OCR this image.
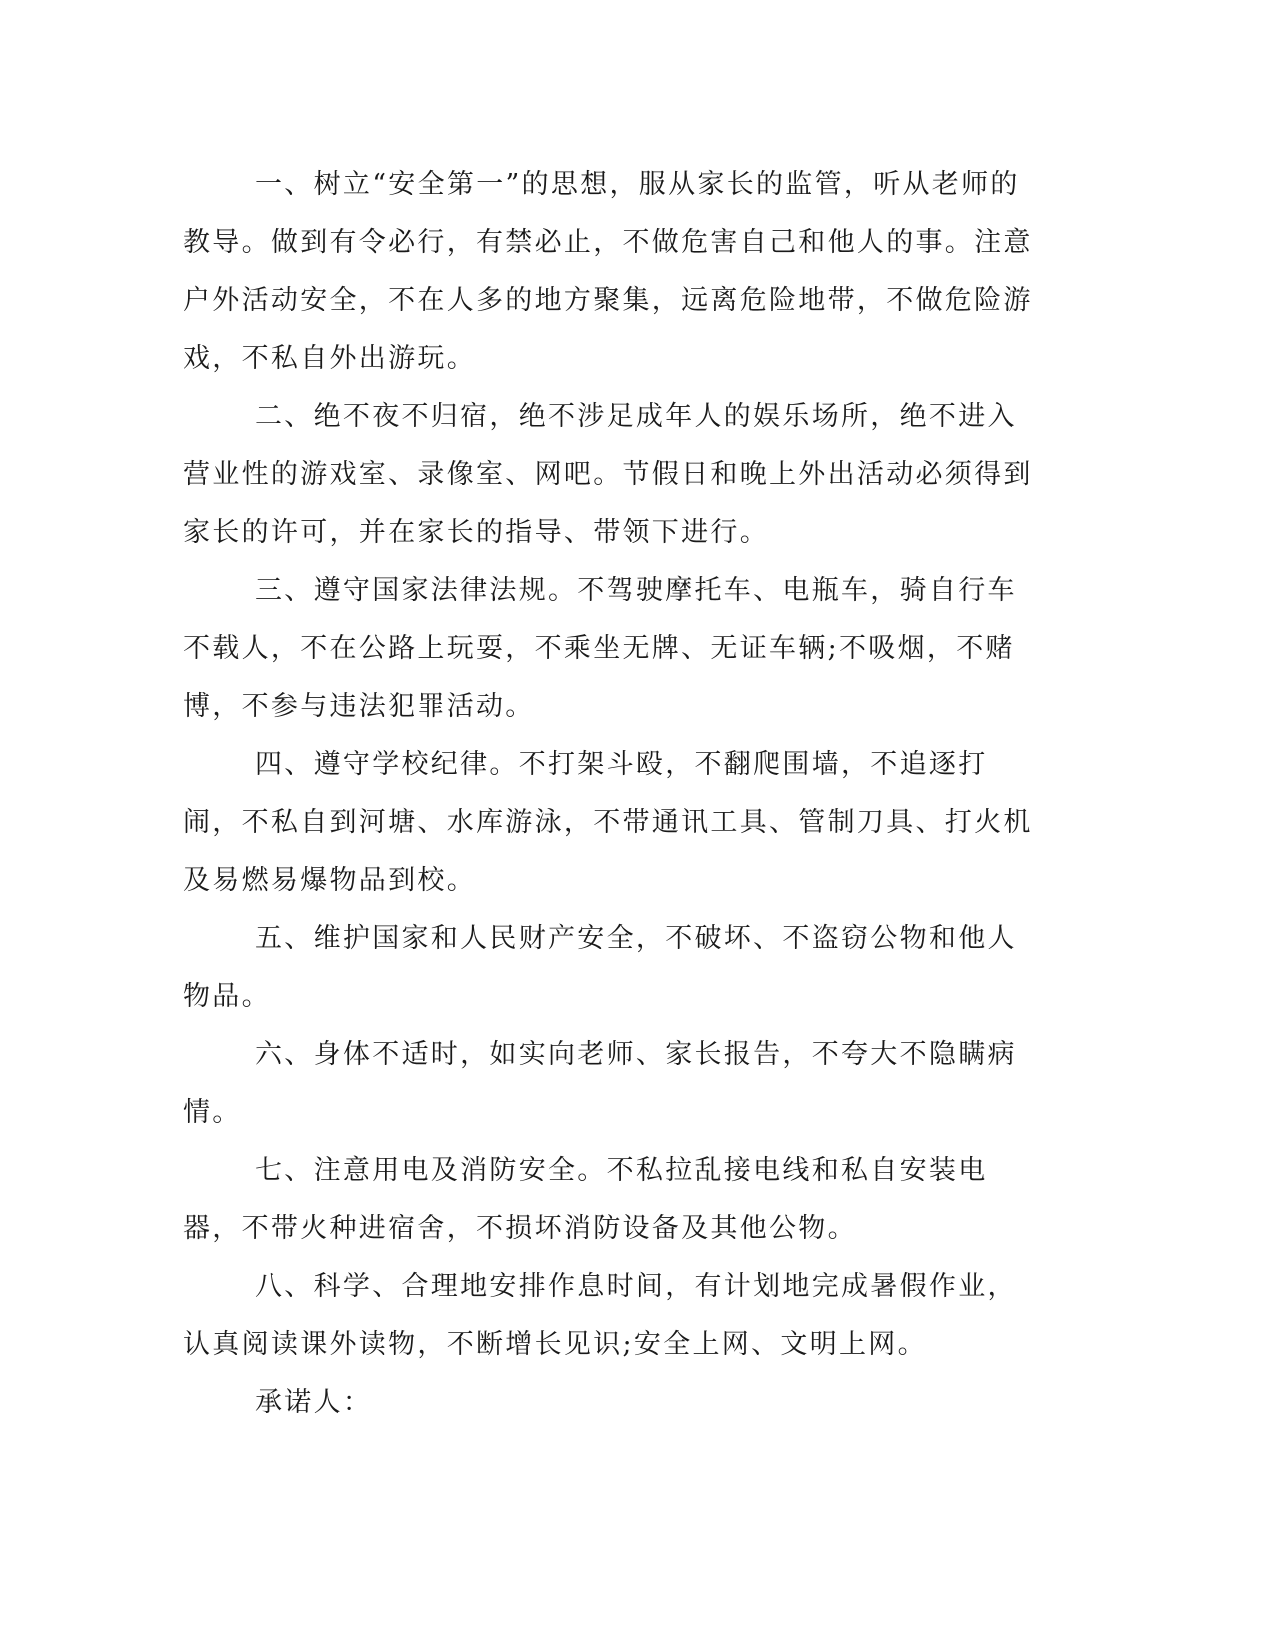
一、树立“安全第一”的思想，服从家长的监管，听从老师的教导。做到有令必行，有禁必止，不做危害自己和他人的事。注意户外活动安全，不在人多的地方聚集，远离危险地带，不做危险游戏，不私自外出游玩。

二、绝不夜不归宿，绝不涉足成年人的娱乐场所，绝不进入营业性的游戏室、录像室、网吧。节假日和晚上外出活动必须得到家长的许可，并在家长的指导、带领下进行。

三、遵守国家法律法规。不驾驶摩托车、电瓶车，骑自行车不载人，不在公路上玩耍，不乘坐无牌、无证车辆;不吸烟，不赌博，不参与违法犯罪活动。

四、遵守学校纪律。不打架斗殴，不翻爬围墙，不追逐打闹，不私自到河塘、水库游泳，不带通讯工具、管制刀具、打火机及易燃易爆物品到校。

五、维护国家和人民财产安全，不破坏、不盗窃公物和他人物品。

六、身体不适时，如实向老师、家长报告，不夸大不隐瞒病情。

七、注意用电及消防安全。不私拉乱接电线和私自安装电器，不带火种进宿舍，不损坏消防设备及其他公物。

八、科学、合理地安排作息时间，有计划地完成暑假作业，认真阅读课外读物，不断增长见识;安全上网、文明上网。

承诺人：
